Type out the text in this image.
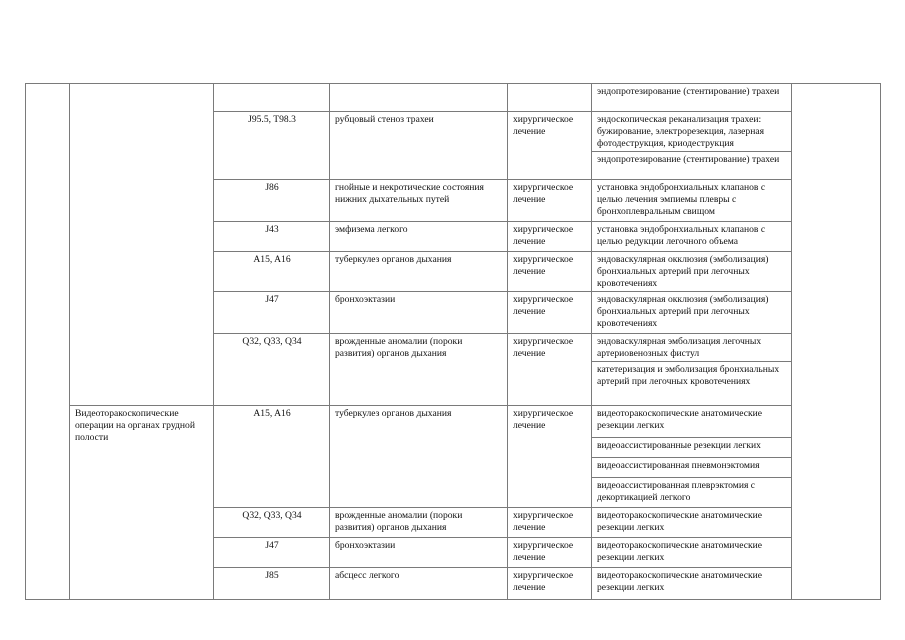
					эндопротезирование (стентирование) трахеи	
		J95.5, T98.3	рубцовый стеноз трахеи	хирургическое лечение	эндоскопическая реканализация трахеи: бужирование, электрорезекция, лазерная фотодеструкция, криодеструкция	
					эндопротезирование (стентирование) трахеи	
		J86	гнойные и некротические состояния нижних дыхательных путей	хирургическое лечение	установка эндобронхиальных клапанов с целью лечения эмпиемы плевры с бронхоплевральным свищом	
		J43	эмфизема легкого	хирургическое лечение	установка эндобронхиальных клапанов с целью редукции легочного объема	
		A15, A16	туберкулез органов дыхания	хирургическое лечение	эндоваскулярная окклюзия (эмболизация) бронхиальных артерий при легочных кровотечениях	
		J47	бронхоэктазии	хирургическое лечение	эндоваскулярная окклюзия (эмболизация) бронхиальных артерий при легочных кровотечениях	
		Q32, Q33, Q34	врожденные аномалии (пороки развития) органов дыхания	хирургическое лечение	эндоваскулярная эмболизация легочных артериовенозных фистул	
					катетеризация и эмболизация бронхиальных артерий при легочных кровотечениях	
	Видеоторакоскопические операции на органах грудной полости	A15, A16	туберкулез органов дыхания	хирургическое лечение	видеоторакоскопические анатомические резекции легких	
					видеоассистированные резекции легких	
					видеоассистированная пневмонэктомия	
					видеоассистированная плеврэктомия с декортикацией легкого	
		Q32, Q33, Q34	врожденные аномалии (пороки развития) органов дыхания	хирургическое лечение	видеоторакоскопические анатомические резекции легких	
		J47	бронхоэктазии	хирургическое лечение	видеоторакоскопические анатомические резекции легких	
		J85	абсцесс легкого	хирургическое лечение	видеоторакоскопические анатомические резекции легких	
